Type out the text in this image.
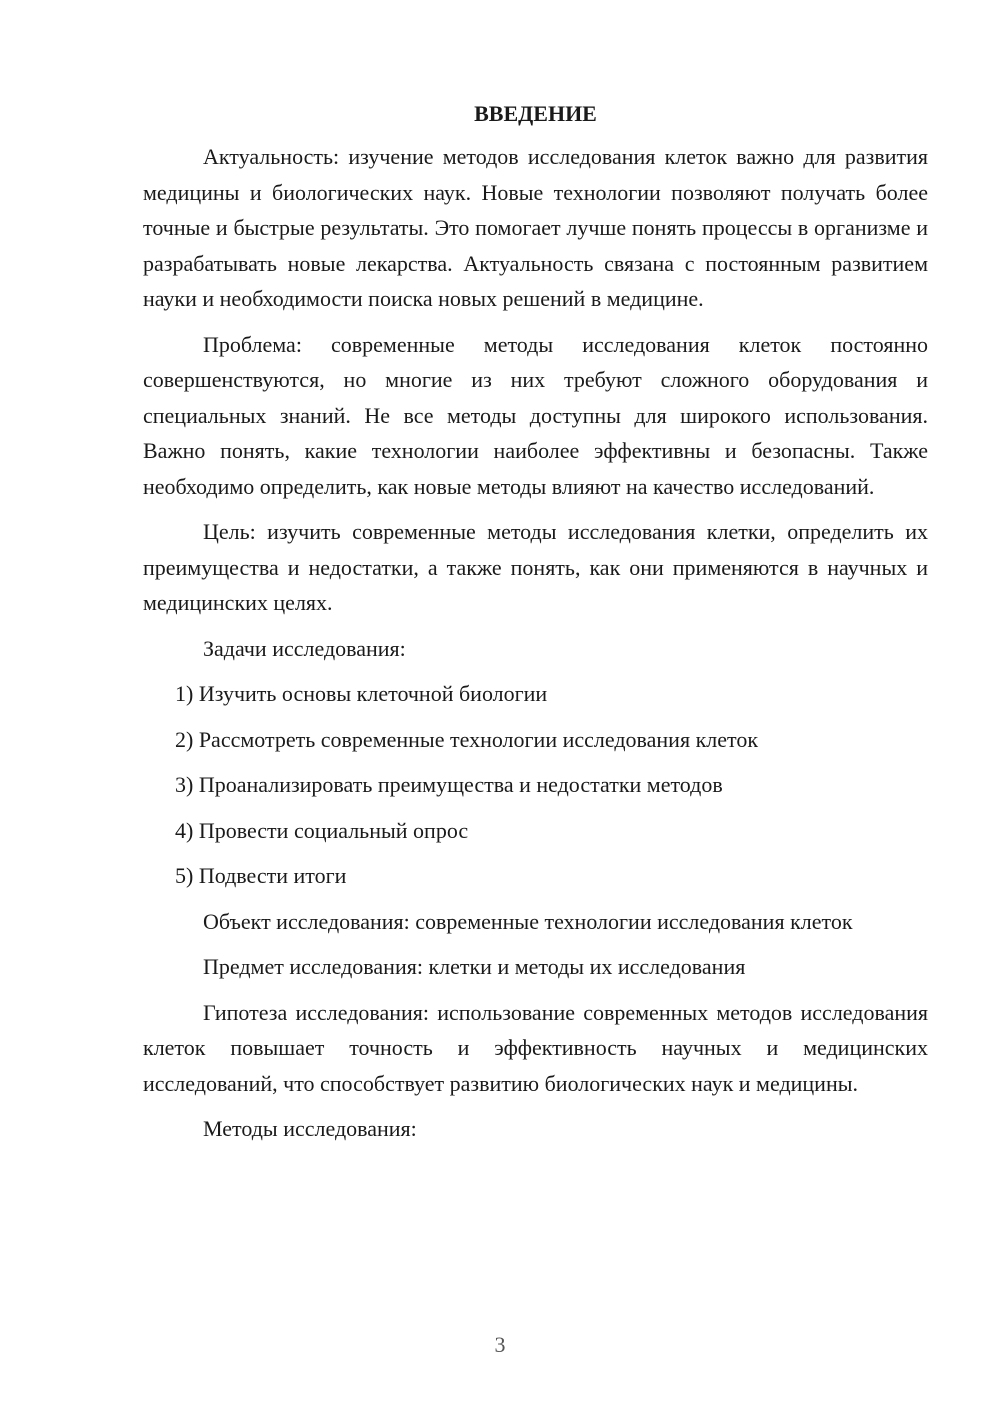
ВВЕДЕНИЕ

Актуальность: изучение методов исследования клеток важно для развития медицины и биологических наук. Новые технологии позволяют получать более точные и быстрые результаты. Это помогает лучше понять процессы в организме и разрабатывать новые лекарства. Актуальность связана с постоянным развитием науки и необходимости поиска новых решений в медицине.

Проблема: современные методы исследования клеток постоянно совершенствуются, но многие из них требуют сложного оборудования и специальных знаний. Не все методы доступны для широкого использования. Важно понять, какие технологии наиболее эффективны и безопасны. Также необходимо определить, как новые методы влияют на качество исследований.

Цель: изучить современные методы исследования клетки, определить их преимущества и недостатки, а также понять, как они применяются в научных и медицинских целях.

Задачи исследования:

1) Изучить основы клеточной биологии

2) Рассмотреть современные технологии исследования клеток

3) Проанализировать преимущества и недостатки методов

4) Провести социальный опрос

5) Подвести итоги

Объект исследования: современные технологии исследования клеток

Предмет исследования: клетки и методы их исследования

Гипотеза исследования: использование современных методов исследования клеток повышает точность и эффективность научных и медицинских исследований, что способствует развитию биологических наук и медицины.

Методы исследования:

3
